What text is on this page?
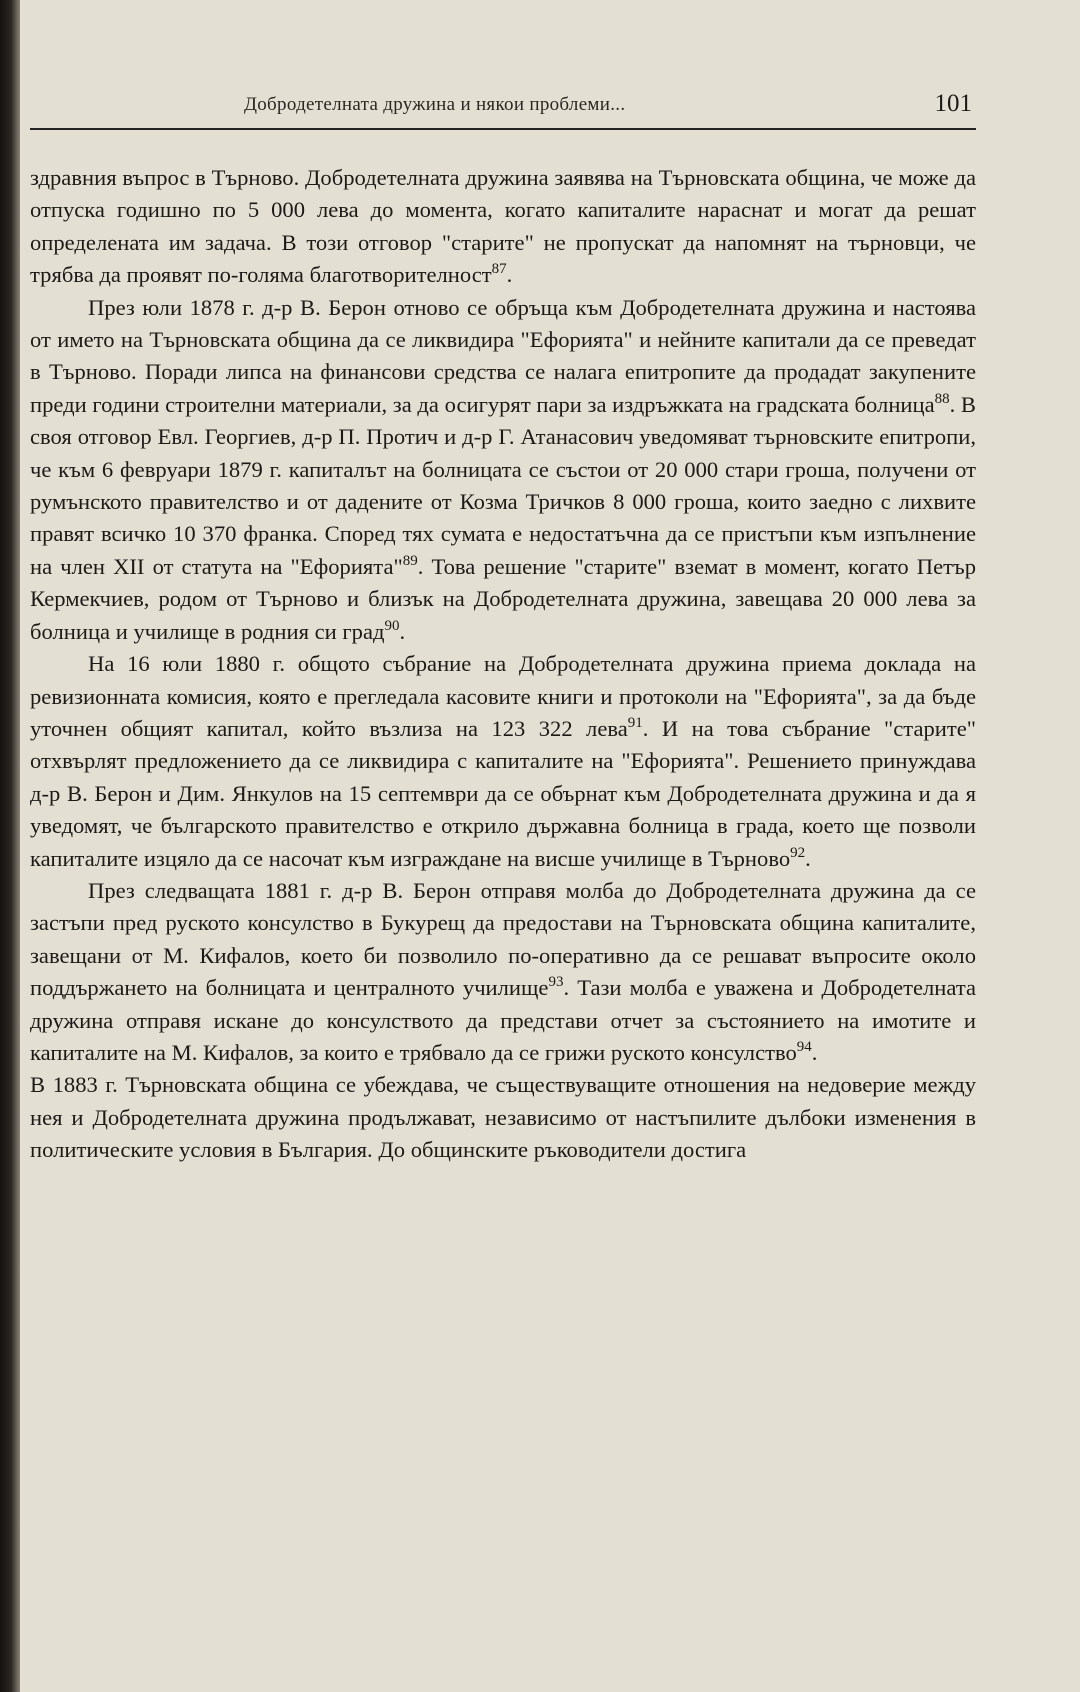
Добродетелната дружина и някои проблеми...	101

здравния въпрос в Търново. Добродетелната дружина заявява на Търновската община, че може да отпуска годишно по 5 000 лева до момента, когато капиталите нараснат и могат да решат определената им задача. В този отговор "старите" не пропускат да напомнят на търновци, че трябва да проявят по-голяма благотворителност$^{87}$.

През юли 1878 г. д-р В. Берон отново се обръща към Добродетелната дружина и настоява от името на Търновската община да се ликвидира "Ефорията" и нейните капитали да се преведат в Търново. Поради липса на финансови средства се налага епитропите да продадат закупените преди години строителни материали, за да осигурят пари за издръжката на градската болница$^{88}$. В своя отговор Евл. Георгиев, д-р П. Протич и д-р Г. Атанасович уведомяват търновските епитропи, че към 6 февруари 1879 г. капиталът на болницата се състои от 20 000 стари гроша, получени от румънското правителство и от дадените от Козма Тричков 8 000 гроша, които заедно с лихвите правят всичко 10 370 франка. Според тях сумата е недостатъчна да се пристъпи към изпълнение на член XII от статута на "Ефорията"$^{89}$. Това решение "старите" вземат в момент, когато Петър Кермекчиев, родом от Търново и близък на Добродетелната дружина, завещава 20 000 лева за болница и училище в родния си град$^{90}$.

На 16 юли 1880 г. общото събрание на Добродетелната дружина приема доклада на ревизионната комисия, която е прегледала касовите книги и протоколи на "Ефорията", за да бъде уточнен общият капитал, който възлиза на 123 322 лева$^{91}$. И на това събрание "старите" отхвърлят предложението да се ликвидира с капиталите на "Ефорията". Решението принуждава д-р В. Берон и Дим. Янкулов на 15 септември да се обърнат към Добродетелната дружина и да я уведомят, че българското правителство е открило държавна болница в града, което ще позволи капиталите изцяло да се насочат към изграждане на висше училище в Търново$^{92}$.

През следващата 1881 г. д-р В. Берон отправя молба до Добродетелната дружина да се застъпи пред руското консулство в Букурещ да предостави на Търновската община капиталите, завещани от М. Кифалов, което би позволило по-оперативно да се решават въпросите около поддържането на болницата и централното училище$^{93}$. Тази молба е уважена и Добродетелната дружина отправя искане до консулството да представи отчет за състоянието на имотите и капиталите на М. Кифалов, за които е трябвало да се грижи руското консулство$^{94}$.

В 1883 г. Търновската община се убеждава, че съществуващите отношения на недоверие между нея и Добродетелната дружина продължават, независимо от настъпилите дълбоки изменения в политическите условия в България. До общинските ръководители достига
